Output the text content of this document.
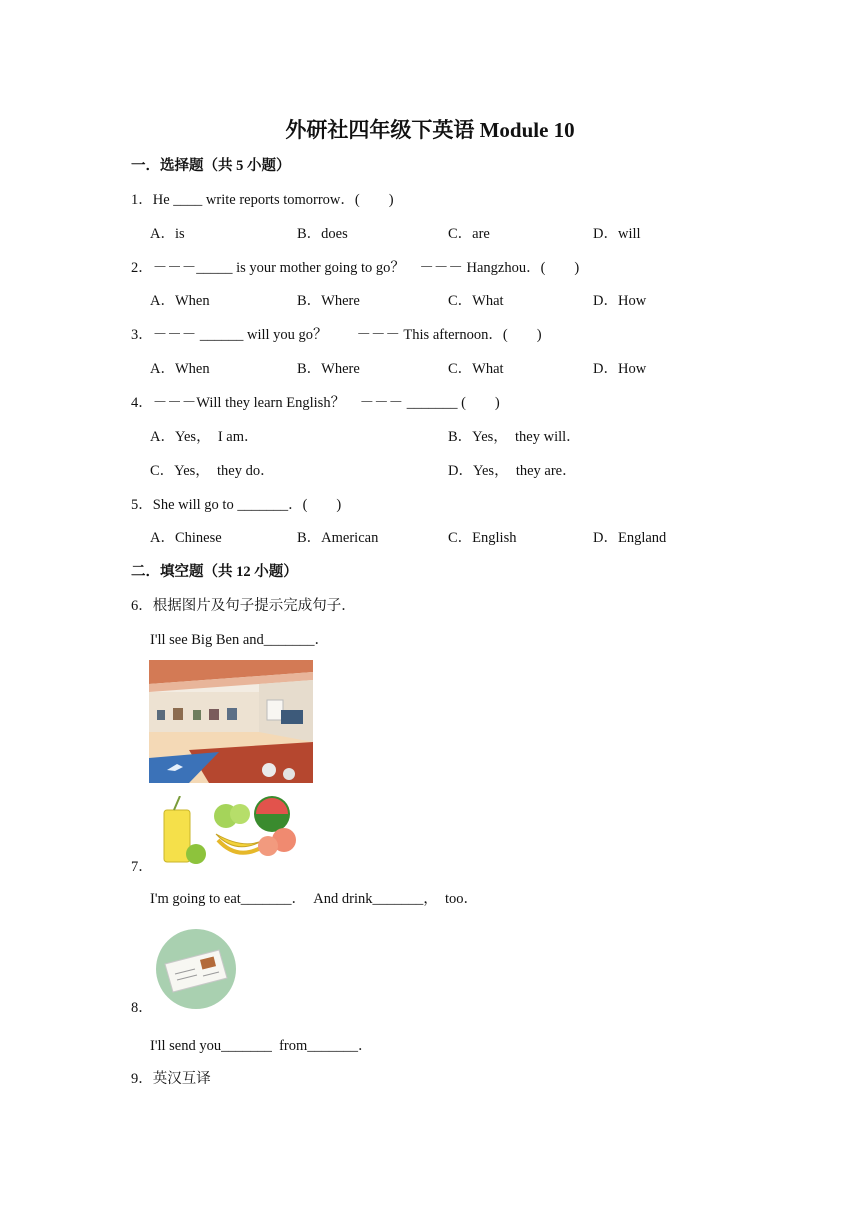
外研社四年级下英语 Module 10
一．选择题（共 5 小题）
1．He ____ write reports tomorrow．(　　)
A．is	B．does	C．are	D．will
2．－－－_____ is your mother going to go？　－－－ Hangzhou．(　　)
A．When	B．Where	C．What	D．How
3．－－－ ______ will you go？　　－－－ This afternoon．(　　)
A．When	B．Where	C．What	D．How
4．－－－Will they learn English？　－－－ _______ (　　)
A．Yes，　I am．	B．Yes，　they will．
C．Yes，　they do．	D．Yes，　they are．
5．She will go to _______．(　　)
A．Chinese	B．American	C．English	D．England
二．填空题（共 12 小题）
6．根据图片及句子提示完成句子．
I'll see Big Ben and_______．
7．
I'm going to eat_______．　And drink_______，　too．
8．
I'll send you_______  from_______．
9．英汉互译
